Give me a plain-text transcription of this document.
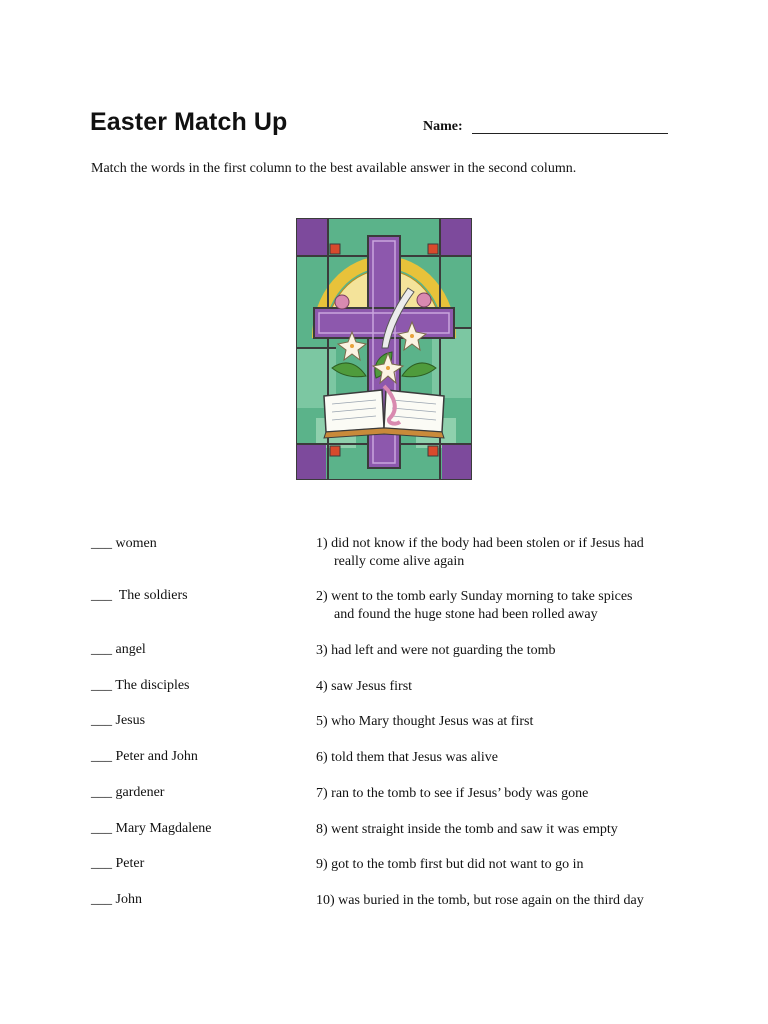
Easter Match Up	Name:
Match the words in the first column to the best available answer in the second column.
___ women
___  The soldiers
___ angel
___ The disciples
___ Jesus
___ Peter and John
___ gardener
___ Mary Magdalene
___ Peter
___ John
1) did not know if the body had been stolen or if Jesus had
really come alive again
2) went to the tomb early Sunday morning to take spices
and found the huge stone had been rolled away
3) had left and were not guarding the tomb
4) saw Jesus first
5) who Mary thought Jesus was at first
6) told them that Jesus was alive
7) ran to the tomb to see if Jesus’ body was gone
8) went straight inside the tomb and saw it was empty
9) got to the tomb first but did not want to go in
10) was buried in the tomb, but rose again on the third day
